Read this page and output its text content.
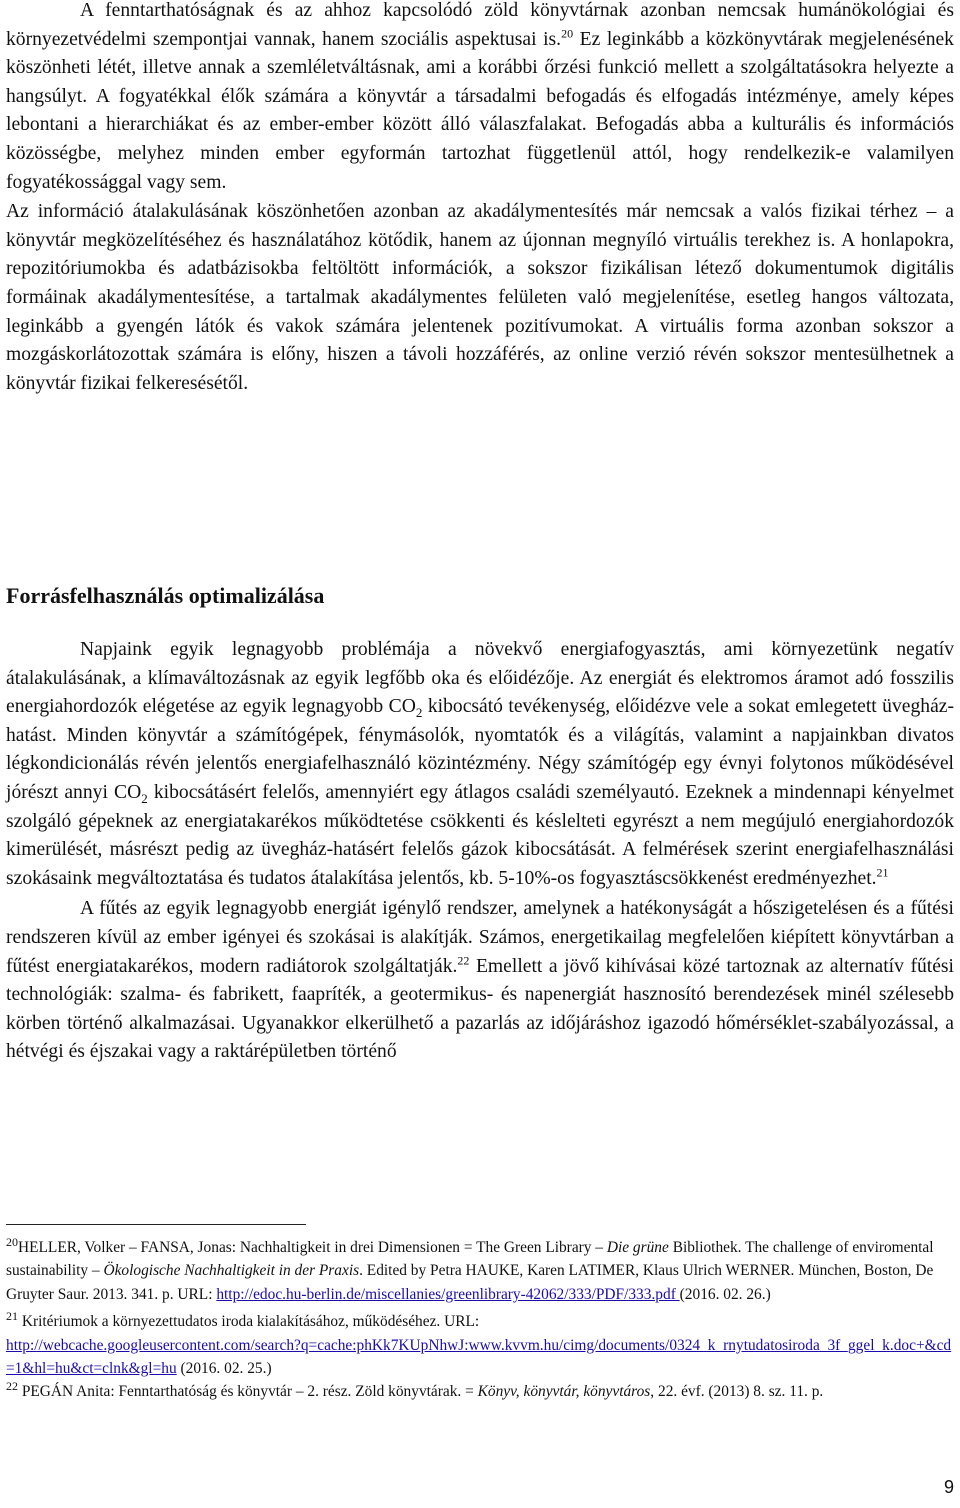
A fenntarthatóságnak és az ahhoz kapcsolódó zöld könyvtárnak azonban nemcsak humánökológiai és környezetvédelmi szempontjai vannak, hanem szociális aspektusai is.$^{20}$ Ez leginkább a közkönyvtárak megjelenésének köszönheti létét, illetve annak a szemléletváltásnak, ami a korábbi őrzési funkció mellett a szolgáltatásokra helyezte a hangsúlyt. A fogyatékkal élők számára a könyvtár a társadalmi befogadás és elfogadás intézménye, amely képes lebontani a hierarchiákat és az ember-ember között álló válaszfalakat. Befogadás abba a kulturális és információs közösségbe, melyhez minden ember egyformán tartozhat függetlenül attól, hogy rendelkezik-e valamilyen fogyatékossággal vagy sem.

Az információ átalakulásának köszönhetően azonban az akadálymentesítés már nemcsak a valós fizikai térhez – a könyvtár megközelítéséhez és használatához kötődik, hanem az újonnan megnyíló virtuális terekhez is. A honlapokra, repozitóriumokba és adatbázisokba feltöltött információk, a sokszor fizikálisan létező dokumentumok digitális formáinak akadálymentesítése, a tartalmak akadálymentes felületen való megjelenítése, esetleg hangos változata, leginkább a gyengén látók és vakok számára jelentenek pozitívumokat. A virtuális forma azonban sokszor a mozgáskorlátozottak számára is előny, hiszen a távoli hozzáférés, az online verzió révén sokszor mentesülhetnek a könyvtár fizikai felkeresésétől.

Forrásfelhasználás optimalizálása

Napjaink egyik legnagyobb problémája a növekvő energiafogyasztás, ami környezetünk negatív átalakulásának, a klímaváltozásnak az egyik legfőbb oka és előidézője. Az energiát és elektromos áramot adó fosszilis energiahordozók elégetése az egyik legnagyobb $CO_2$ kibocsátó tevékenység, előidézve vele a sokat emlegetett üvegház-hatást. Minden könyvtár a számítógépek, fénymásolók, nyomtatók és a világítás, valamint a napjainkban divatos légkondicionálás révén jelentős energiafelhasználó közintézmény. Négy számítógép egy évnyi folytonos működésével jórészt annyi $CO_2$ kibocsátásért felelős, amennyiért egy átlagos családi személyautó. Ezeknek a mindennapi kényelmet szolgáló gépeknek az energiatakarékos működtetése csökkenti és késlelteti egyrészt a nem megújuló energiahordozók kimerülését, másrészt pedig az üvegház-hatásért felelős gázok kibocsátását. A felmérések szerint energiafelhasználási szokásaink megváltoztatása és tudatos átalakítása jelentős, kb. 5-10%-os fogyasztáscsökkenést eredményezhet.$^{21}$

A fűtés az egyik legnagyobb energiát igénylő rendszer, amelynek a hatékonyságát a hőszigetelésen és a fűtési rendszeren kívül az ember igényei és szokásai is alakítják. Számos, energetikailag megfelelően kiépített könyvtárban a fűtést energiatakarékos, modern radiátorok szolgáltatják.$^{22}$ Emellett a jövő kihívásai közé tartoznak az alternatív fűtési technológiák: szalma- és fabrikett, faapríték, a geotermikus- és napenergiát hasznosító berendezések minél szélesebb körben történő alkalmazásai. Ugyanakkor elkerülhető a pazarlás az időjáráshoz igazodó hőmérséklet-szabályozással, a hétvégi és éjszakai vagy a raktárépületben történő

$^{20}$HELLER, Volker – FANSA, Jonas: Nachhaltigkeit in drei Dimensionen = The Green Library – Die grüne Bibliothek. The challenge of enviromental sustainability – Ökologische Nachhaltigkeit in der Praxis. Edited by Petra HAUKE, Karen LATIMER, Klaus Ulrich WERNER. München, Boston, De Gruyter Saur. 2013. 341. p. URL: http://edoc.hu-berlin.de/miscellanies/greenlibrary-42062/333/PDF/333.pdf (2016. 02. 26.)

$^{21}$ Kritériumok a környezettudatos iroda kialakításához, működéséhez. URL:
http://webcache.googleusercontent.com/search?q=cache:phKk7KUpNhwJ:www.kvvm.hu/cimg/documents/0324_k_rnytudatosiroda_3f_ggel_k.doc+&cd=1&hl=hu&ct=clnk&gl=hu (2016. 02. 25.)

$^{22}$ PEGÁN Anita: Fenntarthatóság és könyvtár – 2. rész. Zöld könyvtárak. = Könyv, könyvtár, könyvtáros, 22. évf. (2013) 8. sz. 11. p.

9
